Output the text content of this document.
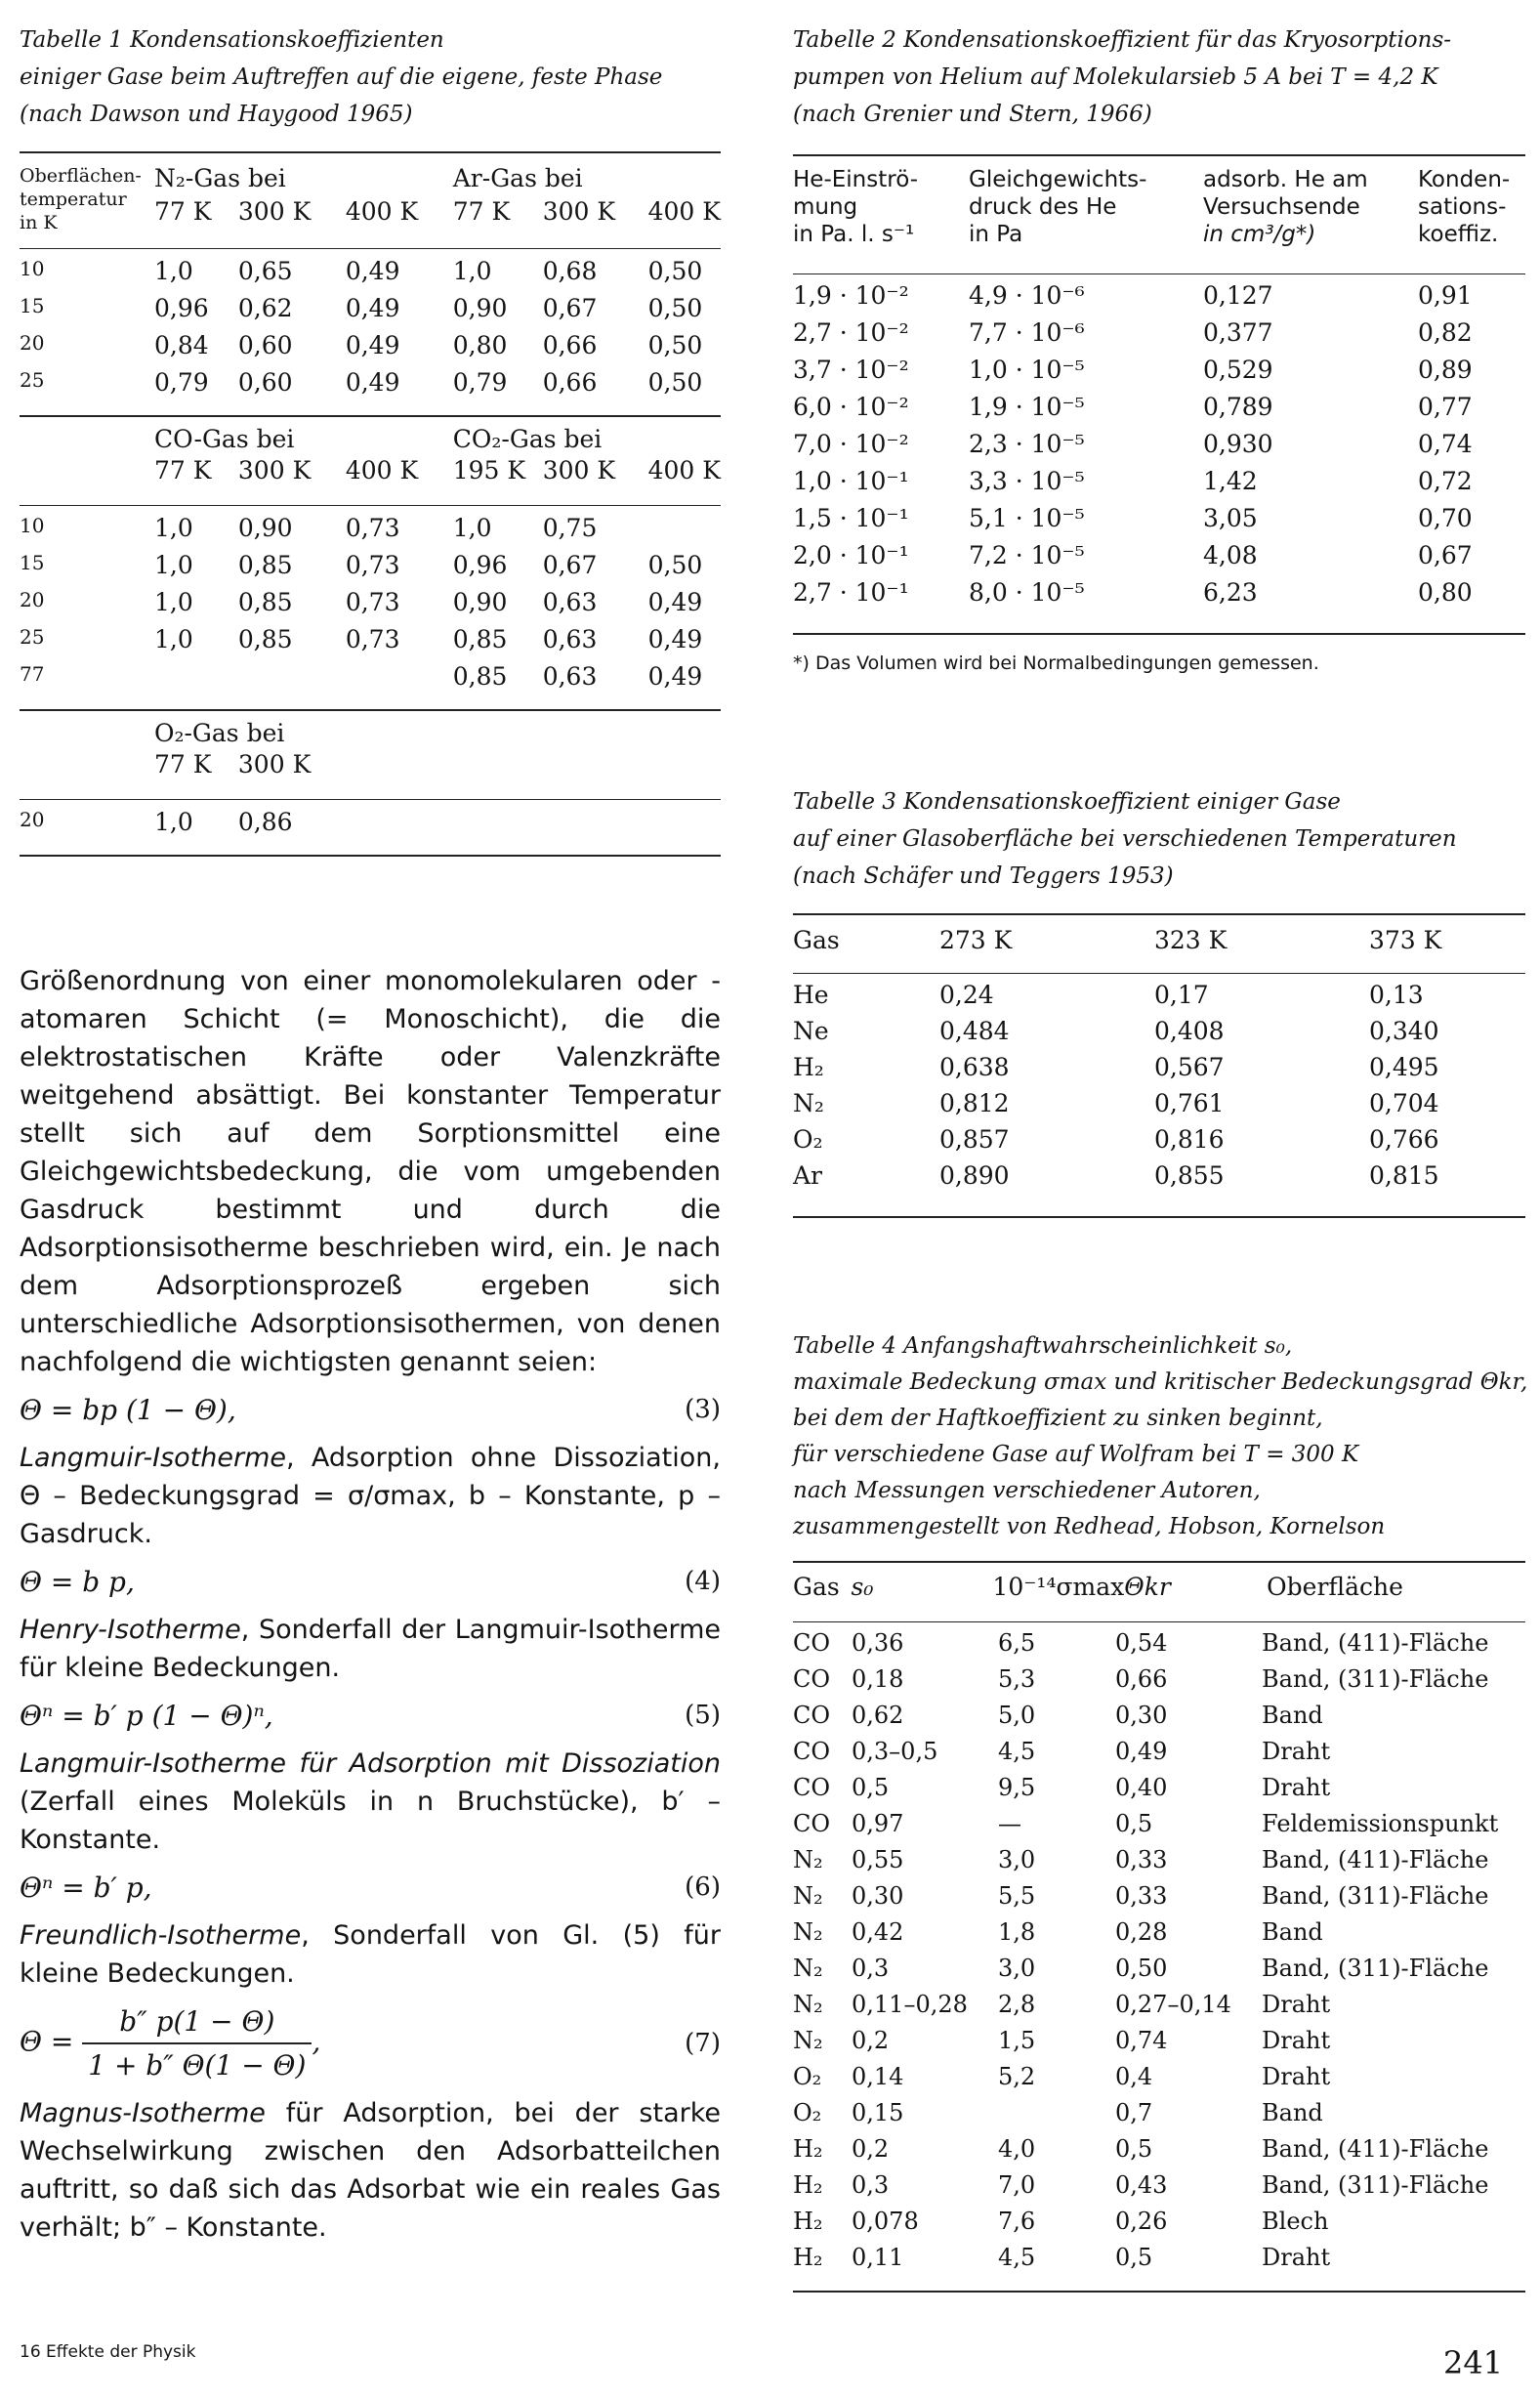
Tabelle 1 Kondensationskoeffizienten
einiger Gase beim Auftreffen auf die eigene, feste Phase
(nach Dawson und Haygood 1965)
Oberflächen-
temperatur
in K	N₂-Gas bei			Ar-Gas bei		
	77 K	300 K	400 K	77 K	300 K	400 K

10	1,0	0,65	0,49	1,0	0,68	0,50
15	0,96	0,62	0,49	0,90	0,67	0,50
20	0,84	0,60	0,49	0,80	0,66	0,50
25	0,79	0,60	0,49	0,79	0,66	0,50

	CO-Gas bei			CO₂-Gas bei		
	77 K	300 K	400 K	195 K	300 K	400 K

10	1,0	0,90	0,73	1,0	0,75	
15	1,0	0,85	0,73	0,96	0,67	0,50
20	1,0	0,85	0,73	0,90	0,63	0,49
25	1,0	0,85	0,73	0,85	0,63	0,49
77				0,85	0,63	0,49

	O₂-Gas bei					
	77 K	300 K				

20	1,0	0,86				

Tabelle 2 Kondensationskoeffizient für das Kryosorptions-
pumpen von Helium auf Molekularsieb 5 A bei T = 4,2 K
(nach Grenier und Stern, 1966)
He-Einströ-
mung
in Pa. l. s⁻¹

Gleichgewichts-
druck des He
in Pa

adsorb. He am
Versuchsende
in cm³/g*)

Konden-
sations-
koeffiz.
1,9 · 10⁻²	4,9 · 10⁻⁶	0,127	0,91
2,7 · 10⁻²	7,7 · 10⁻⁶	0,377	0,82
3,7 · 10⁻²	1,0 · 10⁻⁵	0,529	0,89
6,0 · 10⁻²	1,9 · 10⁻⁵	0,789	0,77
7,0 · 10⁻²	2,3 · 10⁻⁵	0,930	0,74
1,0 · 10⁻¹	3,3 · 10⁻⁵	1,42	0,72
1,5 · 10⁻¹	5,1 · 10⁻⁵	3,05	0,70
2,0 · 10⁻¹	7,2 · 10⁻⁵	4,08	0,67
2,7 · 10⁻¹	8,0 · 10⁻⁵	6,23	0,80
*) Das Volumen wird bei Normalbedingungen gemessen.
Tabelle 3 Kondensationskoeffizient einiger Gase
auf einer Glasoberfläche bei verschiedenen Temperaturen
(nach Schäfer und Teggers 1953)
Gas	273 K	323 K	373 K
He	0,24	0,17	0,13
Ne	0,484	0,408	0,340
H₂	0,638	0,567	0,495
N₂	0,812	0,761	0,704
O₂	0,857	0,816	0,766
Ar	0,890	0,855	0,815
Tabelle 4 Anfangshaftwahrscheinlichkeit s₀,
maximale Bedeckung σmax und kritischer Bedeckungsgrad Θkr,
bei dem der Haftkoeffizient zu sinken beginnt,
für verschiedene Gase auf Wolfram bei T = 300 K
nach Messungen verschiedener Autoren,
zusammengestellt von Redhead, Hobson, Kornelson
Gas	s₀	10⁻¹⁴σmax	Θkr	Oberfläche
CO	0,36	6,5	0,54	Band, (411)-Fläche
CO	0,18	5,3	0,66	Band, (311)-Fläche
CO	0,62	5,0	0,30	Band
CO	0,3–0,5	4,5	0,49	Draht
CO	0,5	9,5	0,40	Draht
CO	0,97	—	0,5	Feldemissionspunkt
N₂	0,55	3,0	0,33	Band, (411)-Fläche
N₂	0,30	5,5	0,33	Band, (311)-Fläche
N₂	0,42	1,8	0,28	Band
N₂	0,3	3,0	0,50	Band, (311)-Fläche
N₂	0,11–0,28	2,8	0,27–0,14	Draht
N₂	0,2	1,5	0,74	Draht
O₂	0,14	5,2	0,4	Draht
O₂	0,15		0,7	Band
H₂	0,2	4,0	0,5	Band, (411)-Fläche
H₂	0,3	7,0	0,43	Band, (311)-Fläche
H₂	0,078	7,6	0,26	Blech
H₂	0,11	4,5	0,5	Draht

Größenordnung von einer monomolekularen oder -atomaren Schicht (= Monoschicht), die die elektrostatischen Kräfte oder Valenzkräfte weitgehend absättigt. Bei konstanter Temperatur stellt sich auf dem Sorptionsmittel eine Gleichgewichtsbedeckung, die vom umgebenden Gasdruck bestimmt und durch die Adsorptionsisotherme beschrieben wird, ein. Je nach dem Adsorptionsprozeß ergeben sich unterschiedliche Adsorptionsisothermen, von denen nachfolgend die wichtigsten genannt seien:

Θ = bp (1 − Θ),	(3)

Langmuir-Isotherme, Adsorption ohne Dissoziation, Θ – Bedeckungsgrad = σ/σmax, b – Konstante, p – Gasdruck.

Θ = b p,	(4)

Henry-Isotherme, Sonderfall der Langmuir-Isotherme für kleine Bedeckungen.

Θⁿ = b′ p (1 − Θ)ⁿ,	(5)

Langmuir-Isotherme für Adsorption mit Dissoziation (Zerfall eines Moleküls in n Bruchstücke), b′ – Konstante.

Θⁿ = b′ p,	(6)

Freundlich-Isotherme, Sonderfall von Gl. (5) für kleine Bedeckungen.

$\Theta = \frac{b'' p(1 - \Theta)}{1 + b'' \Theta(1 - \Theta)}$ ,	(7)

Magnus-Isotherme für Adsorption, bei der starke Wechselwirkung zwischen den Adsorbatteilchen auftritt, so daß sich das Adsorbat wie ein reales Gas verhält; b″ – Konstante.

16 Effekte der Physik	241
